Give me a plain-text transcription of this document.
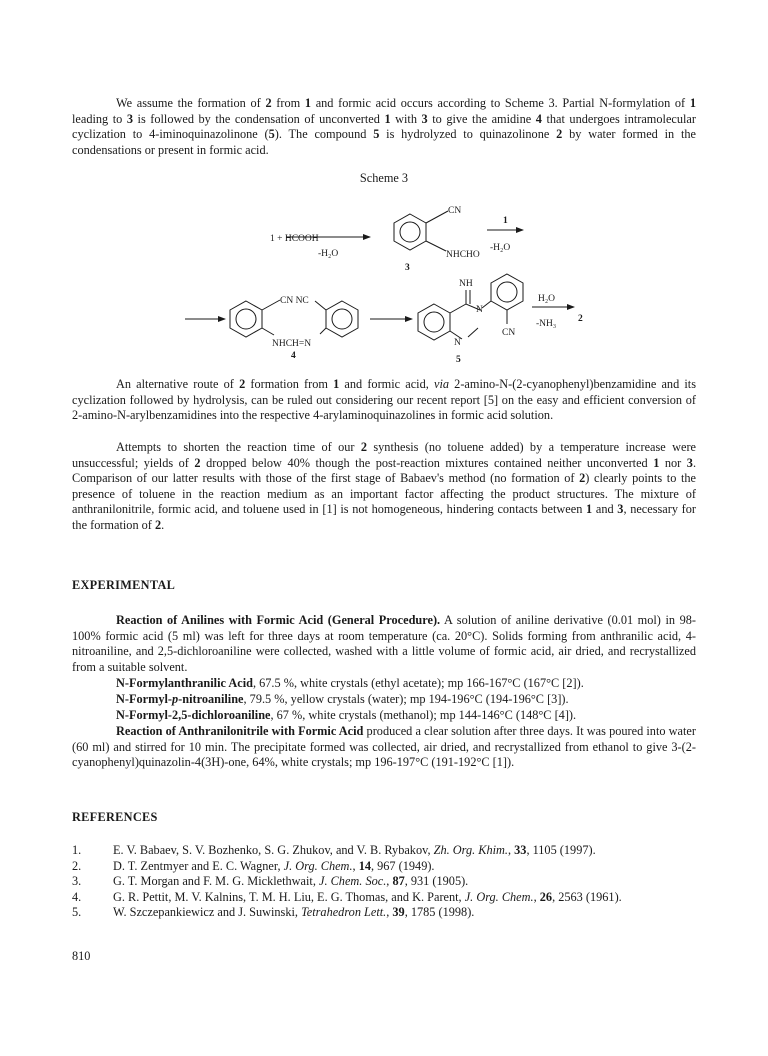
We assume the formation of 2 from 1 and formic acid occurs according to Scheme 3. Partial N-formylation of 1 leading to 3 is followed by the condensation of unconverted 1 with 3 to give the amidine 4 that undergoes intramolecular cyclization to 4-iminoquinazolinone (5). The compound 5 is hydrolyzed to quinazolinone 2 by water formed in the condensations or present in formic acid.

Scheme 3
1 + HCOOH
-H₂O
CN
NHCHO
3
1
-H₂O
CN NC
NHCH=N
4
NH
N
N
CN
5
H₂O
-NH₃ 2

An alternative route of 2 formation from 1 and formic acid, via 2-amino-N-(2-cyanophenyl)benzamidine and its cyclization followed by hydrolysis, can be ruled out considering our recent report [5] on the easy and efficient conversion of 2-amino-N-arylbenzamidines into the respective 4-arylaminoquinazolines in formic acid solution.

Attempts to shorten the reaction time of our 2 synthesis (no toluene added) by a temperature increase were unsuccessful; yields of 2 dropped below 40% though the post-reaction mixtures contained neither unconverted 1 nor 3. Comparison of our latter results with those of the first stage of Babaev's method (no formation of 2) clearly points to the presence of toluene in the reaction medium as an important factor affecting the product structures. The mixture of anthranilonitrile, formic acid, and toluene used in [1] is not homogeneous, hindering contacts between 1 and 3, necessary for the formation of 2.

EXPERIMENTAL

Reaction of Anilines with Formic Acid (General Procedure). A solution of aniline derivative (0.01 mol) in 98-100% formic acid (5 ml) was left for three days at room temperature (ca. 20°C). Solids forming from anthranilic acid, 4-nitroaniline, and 2,5-dichloroaniline were collected, washed with a little volume of formic acid, air dried, and recrystallized from a suitable solvent.

N-Formylanthranilic Acid, 67.5 %, white crystals (ethyl acetate); mp 166-167°C (167°C [2]).

N-Formyl-p-nitroaniline, 79.5 %, yellow crystals (water); mp 194-196°C (194-196°C [3]).

N-Formyl-2,5-dichloroaniline, 67 %, white crystals (methanol); mp 144-146°C (148°C [4]).

Reaction of Anthranilonitrile with Formic Acid produced a clear solution after three days. It was poured into water (60 ml) and stirred for 10 min. The precipitate formed was collected, air dried, and recrystallized from ethanol to give 3-(2-cyanophenyl)quinazolin-4(3H)-one, 64%, white crystals; mp 196-197°C (191-192°C [1]).

REFERENCES
1.	E. V. Babaev, S. V. Bozhenko, S. G. Zhukov, and V. B. Rybakov, Zh. Org. Khim., 33, 1105 (1997).
2.	D. T. Zentmyer and E. C. Wagner, J. Org. Chem., 14, 967 (1949).
3.	G. T. Morgan and F. M. G. Micklethwait, J. Chem. Soc., 87, 931 (1905).
4.	G. R. Pettit, M. V. Kalnins, T. M. H. Liu, E. G. Thomas, and K. Parent, J. Org. Chem., 26, 2563 (1961).
5.	W. Szczepankiewicz and J. Suwinski, Tetrahedron Lett., 39, 1785 (1998).
810
